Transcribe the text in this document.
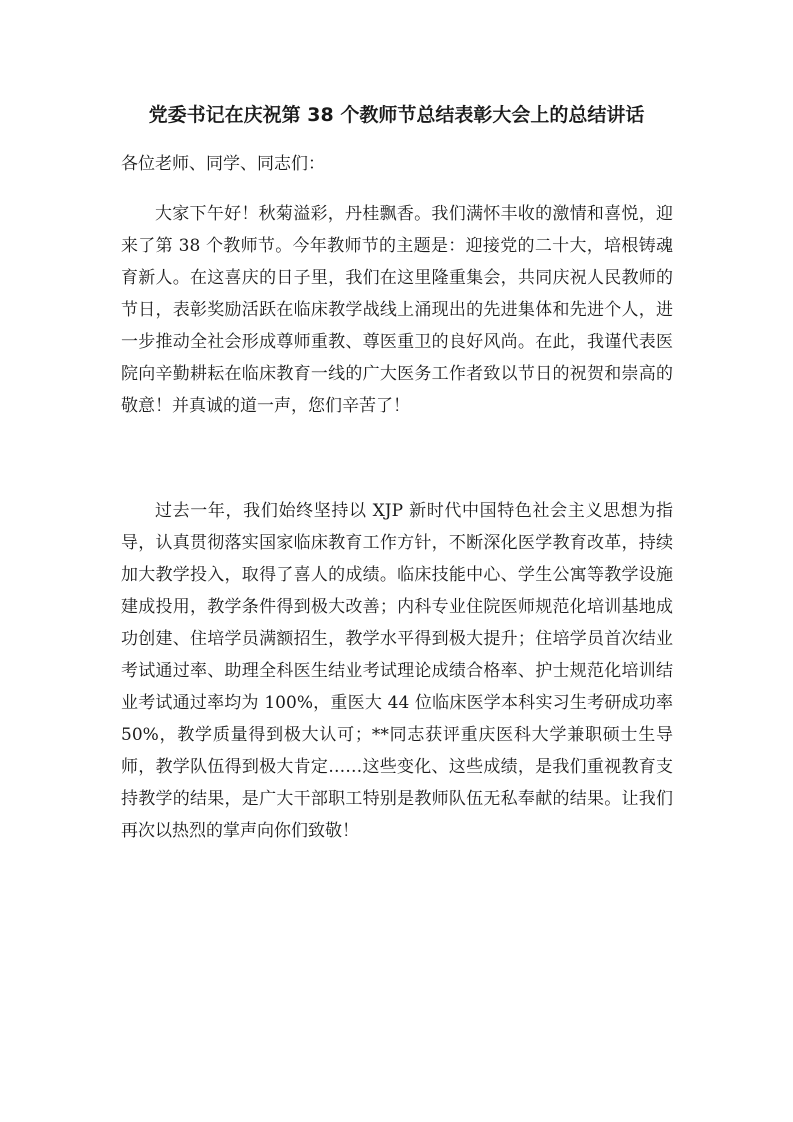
党委书记在庆祝第 38 个教师节总结表彰大会上的总结讲话
各位老师、同学、同志们：

大家下午好！秋菊溢彩，丹桂飘香。我们满怀丰收的激情和喜悦，迎来了第 38 个教师节。今年教师节的主题是：迎接党的二十大，培根铸魂育新人。在这喜庆的日子里，我们在这里隆重集会，共同庆祝人民教师的节日，表彰奖励活跃在临床教学战线上涌现出的先进集体和先进个人，进一步推动全社会形成尊师重教、尊医重卫的良好风尚。在此，我谨代表医院向辛勤耕耘在临床教育一线的广大医务工作者致以节日的祝贺和崇高的敬意！并真诚的道一声，您们辛苦了！

过去一年，我们始终坚持以 XJP 新时代中国特色社会主义思想为指导，认真贯彻落实国家临床教育工作方针，不断深化医学教育改革，持续加大教学投入，取得了喜人的成绩。临床技能中心、学生公寓等教学设施建成投用，教学条件得到极大改善；内科专业住院医师规范化培训基地成功创建、住培学员满额招生，教学水平得到极大提升；住培学员首次结业考试通过率、助理全科医生结业考试理论成绩合格率、护士规范化培训结业考试通过率均为 100%，重医大 44 位临床医学本科实习生考研成功率 50%，教学质量得到极大认可；**同志获评重庆医科大学兼职硕士生导师，教学队伍得到极大肯定……这些变化、这些成绩，是我们重视教育支持教学的结果，是广大干部职工特别是教师队伍无私奉献的结果。让我们再次以热烈的掌声向你们致敬！
